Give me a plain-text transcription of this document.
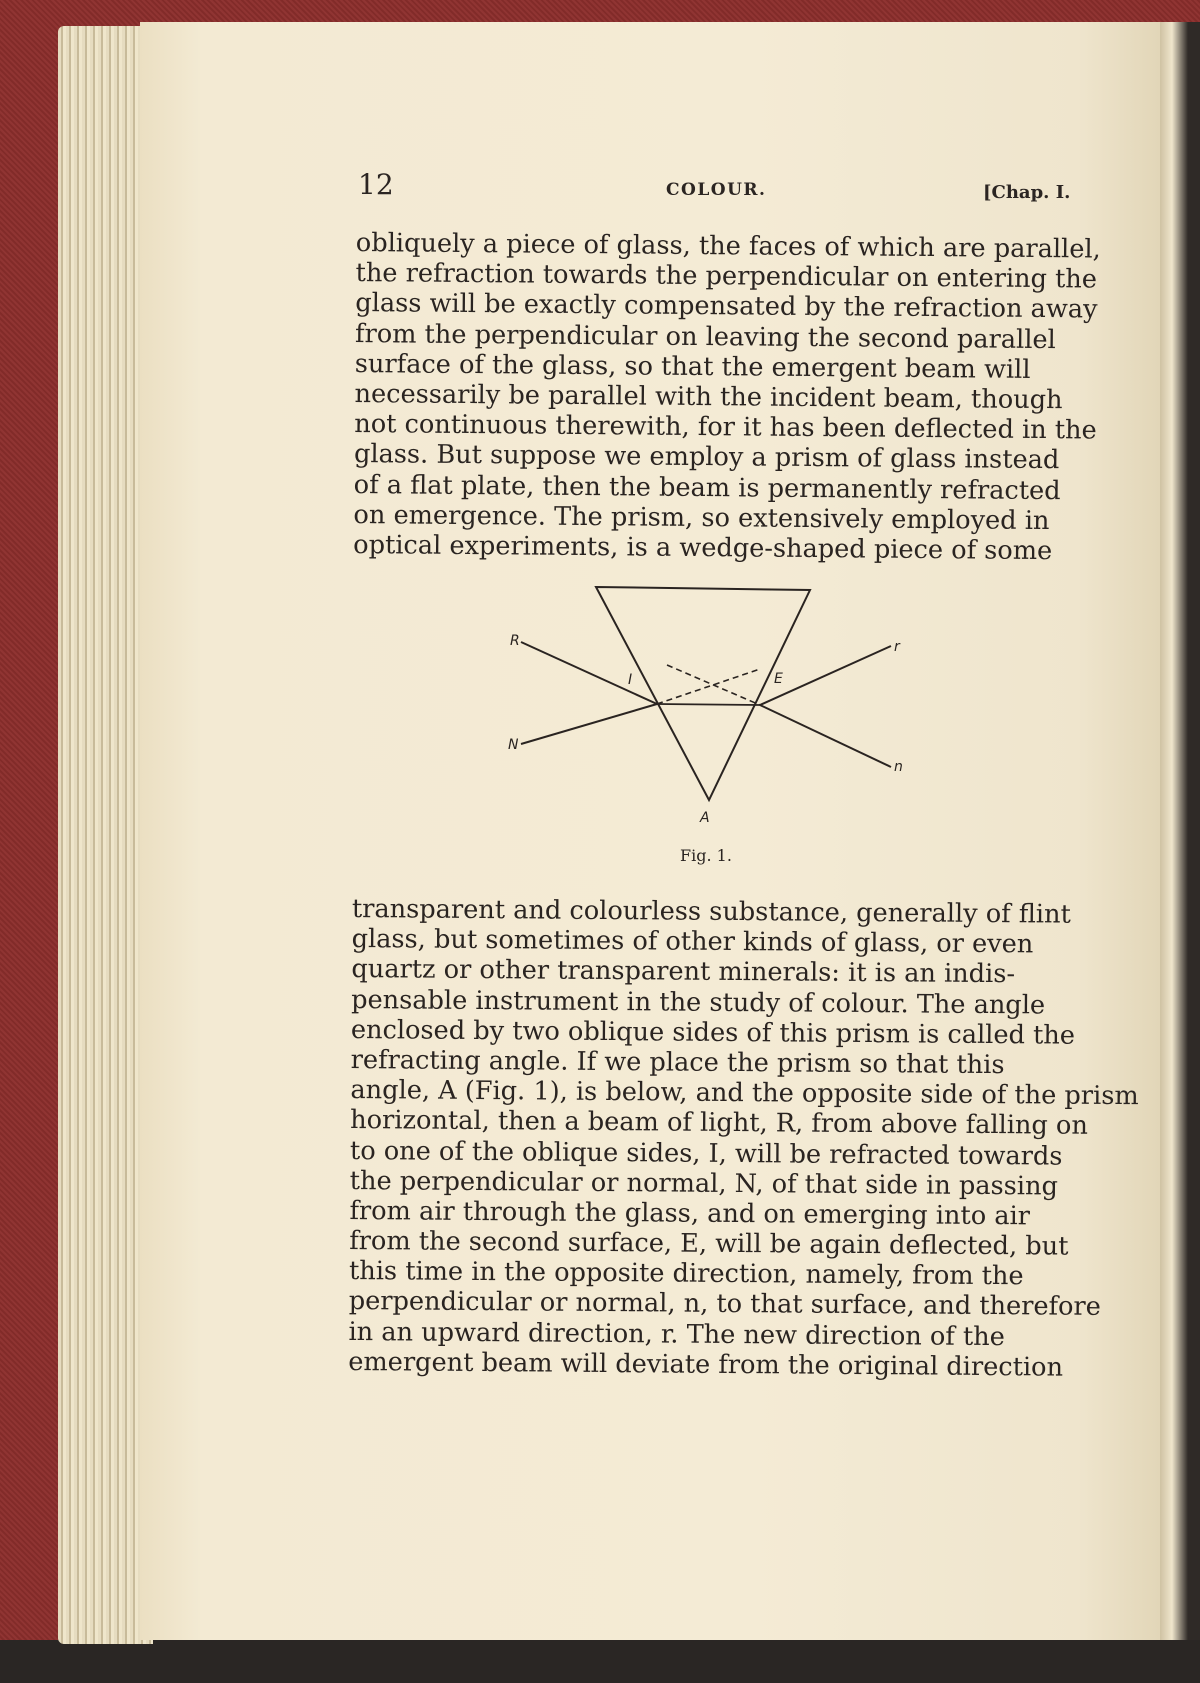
12	COLOUR.	[Chap. I.
obliquely a piece of glass, the faces of which are parallel,
the refraction towards the perpendicular on entering the
glass will be exactly compensated by the refraction away
from the perpendicular on leaving the second parallel
surface of the glass, so that the emergent beam will
necessarily be parallel with the incident beam, though
not continuous therewith, for it has been deflected in the
glass. But suppose we employ a prism of glass instead
of a flat plate, then the beam is permanently refracted
on emergence. The prism, so extensively employed in
optical experiments, is a wedge-shaped piece of some
R	r
I	E
N
n
A
Fig. 1.
transparent and colourless substance, generally of flint
glass, but sometimes of other kinds of glass, or even
quartz or other transparent minerals: it is an indis-
pensable instrument in the study of colour. The angle
enclosed by two oblique sides of this prism is called the
refracting angle. If we place the prism so that this
angle, A (Fig. 1), is below, and the opposite side of the prism
horizontal, then a beam of light, R, from above falling on
to one of the oblique sides, I, will be refracted towards
the perpendicular or normal, N, of that side in passing
from air through the glass, and on emerging into air
from the second surface, E, will be again deflected, but
this time in the opposite direction, namely, from the
perpendicular or normal, n, to that surface, and therefore
in an upward direction, r. The new direction of the
emergent beam will deviate from the original direction
